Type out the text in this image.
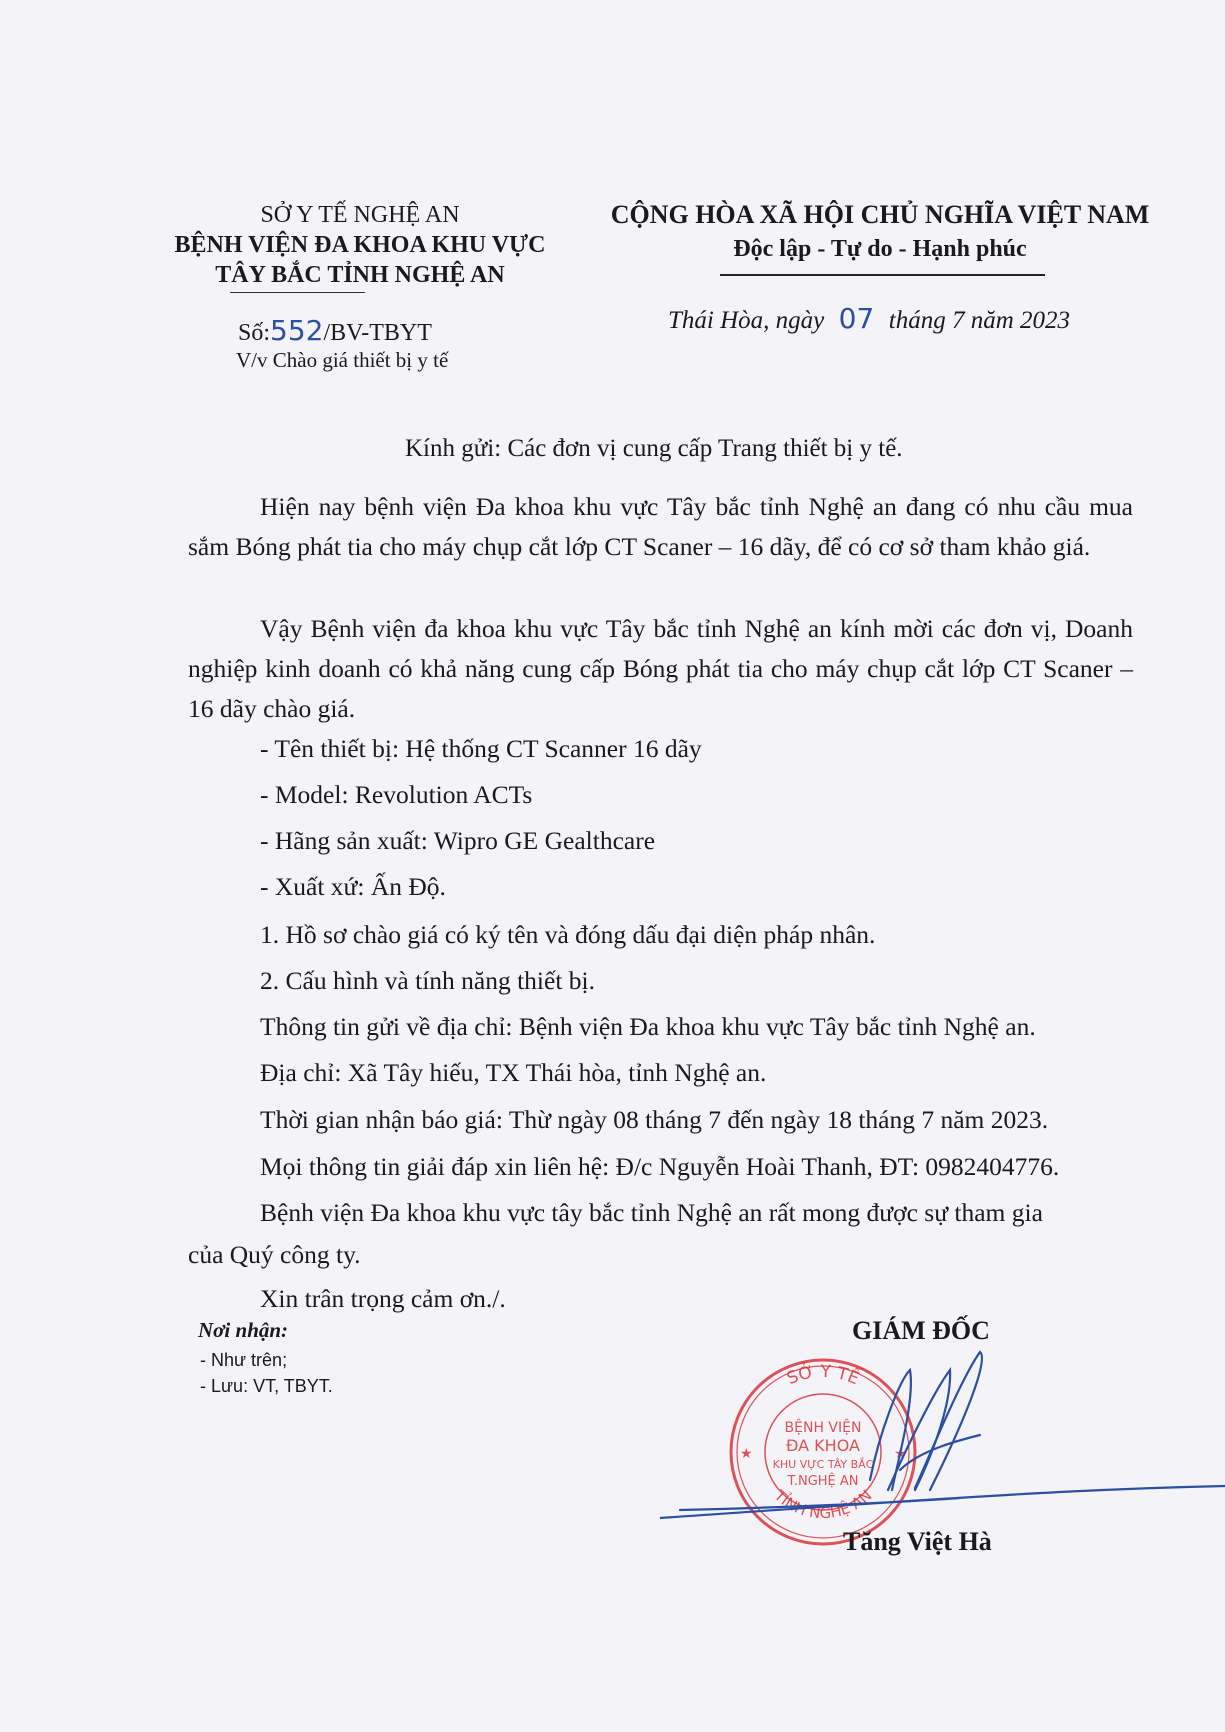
SỞ Y TẾ NGHỆ AN
BỆNH VIỆN ĐA KHOA KHU VỰC
TÂY BẮC TỈNH NGHỆ AN
CỘNG HÒA XÃ HỘI CHỦ NGHĨA VIỆT NAM
Độc lập - Tự do - Hạnh phúc
Số:552/BV-TBYT
V/v Chào giá thiết bị y tế
Thái Hòa, ngày 07 tháng 7 năm 2023
Kính gửi: Các đơn vị cung cấp Trang thiết bị y tế.
Hiện nay bệnh viện Đa khoa khu vực Tây bắc tỉnh Nghệ an đang có nhu cầu mua sắm Bóng phát tia cho máy chụp cắt lớp CT Scaner – 16 dãy, để có cơ sở tham khảo giá.
Vậy Bệnh viện đa khoa khu vực Tây bắc tỉnh Nghệ an kính mời các đơn vị, Doanh nghiệp kinh doanh có khả năng cung cấp Bóng phát tia cho máy chụp cắt lớp CT Scaner – 16 dãy chào giá.
- Tên thiết bị: Hệ thống CT Scanner 16 dãy
- Model: Revolution ACTs
- Hãng sản xuất: Wipro GE Gealthcare
- Xuất xứ: Ấn Độ.
1. Hồ sơ chào giá có ký tên và đóng dấu đại diện pháp nhân.
2. Cấu hình và tính năng thiết bị.
Thông tin gửi về địa chỉ: Bệnh viện Đa khoa khu vực Tây bắc tỉnh Nghệ an.
Địa chỉ: Xã Tây hiếu, TX Thái hòa, tỉnh Nghệ an.
Thời gian nhận báo giá: Thừ ngày 08 tháng 7 đến ngày 18 tháng 7 năm 2023.
Mọi thông tin giải đáp xin liên hệ: Đ/c Nguyễn Hoài Thanh, ĐT: 0982404776.
Bệnh viện Đa khoa khu vực tây bắc tỉnh Nghệ an rất mong được sự tham gia
của Quý công ty.
Xin trân trọng cảm ơn./.
Nơi nhận:
- Như trên;
- Lưu: VT, TBYT.
GIÁM ĐỐC
SỞ Y TẾ
TỈNH NGHỆ AN
BỆNH VIỆN
ĐA KHOA
KHU VỰC TÂY BẮC
T.NGHỆ AN
★	★
Tăng Việt Hà
